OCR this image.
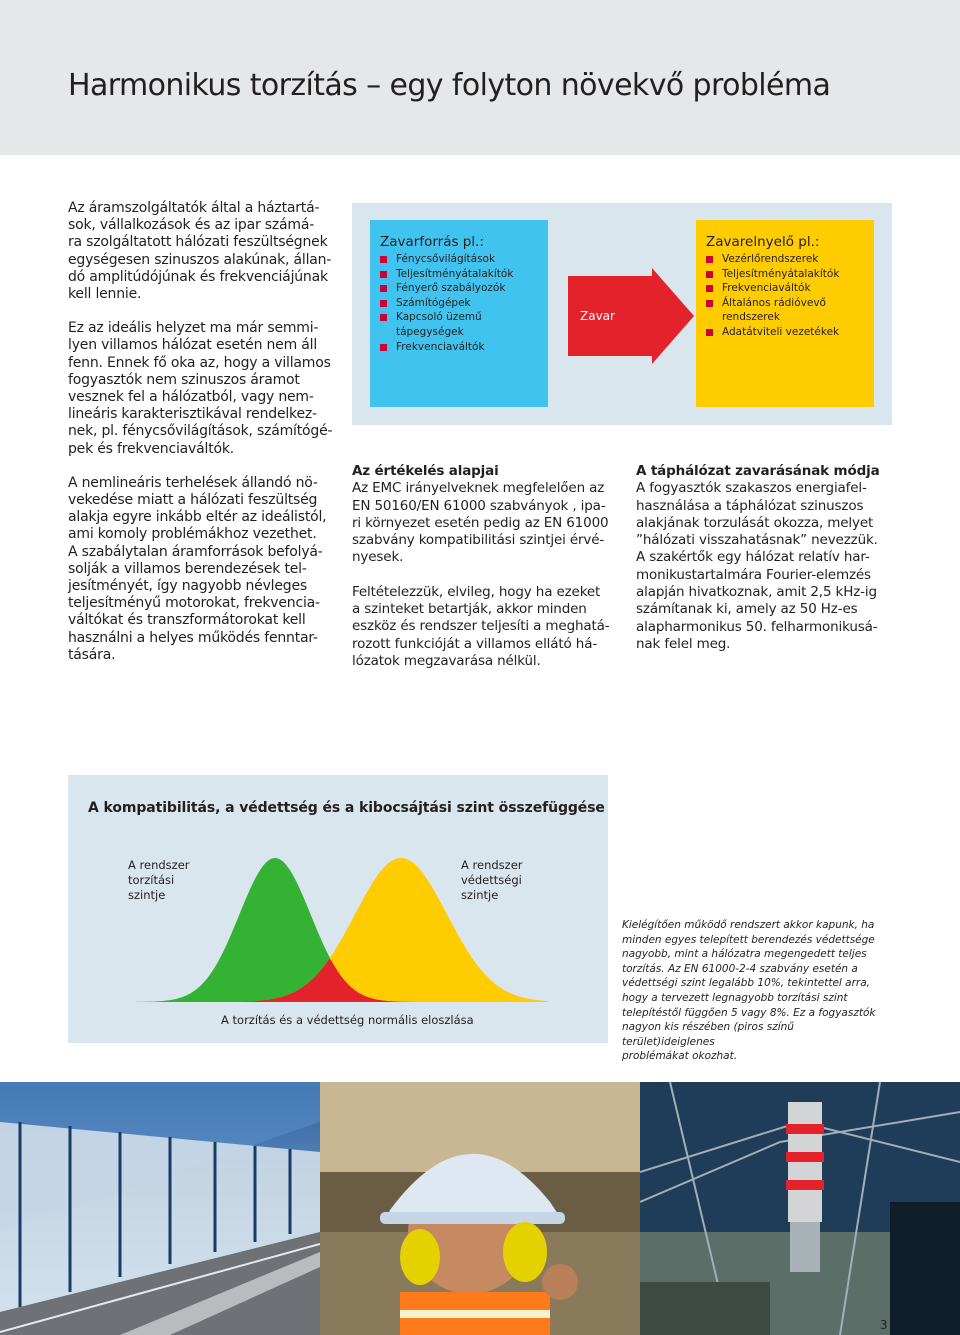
Harmonikus torzítás – egy folyton növekvő probléma

Az áramszolgáltatók által a háztartá-
sok, vállalkozások és az ipar számá-
ra szolgáltatott hálózati feszültségnek
egységesen szinuszos alakúnak, állan-
dó amplitúdójúnak és frekvenciájúnak
kell lennie.

Ez az ideális helyzet ma már semmi-
lyen villamos hálózat esetén nem áll
fenn. Ennek fő oka az, hogy a villamos
fogyasztók nem szinuszos áramot
vesznek fel a hálózatból, vagy nem-
lineáris karakterisztikával rendelkez-
nek, pl. fénycsővilágítások, számítógé-
pek és frekvenciaváltók.

A nemlineáris terhelések állandó nö-
vekedése miatt a hálózati feszültség
alakja egyre inkább eltér az ideálistól,
ami komoly problémákhoz vezethet.
A szabálytalan áramforrások befolyá-
solják a villamos berendezések tel-
jesítményét, így nagyobb névleges
teljesítményű motorokat, frekvencia-
váltókat és transzformátorokat kell
használni a helyes működés fenntar-
tására.

Zavarforrás pl.:
Fénycsővilágítások
Teljesítményátalakítók
Fényerő szabályozók
Számítógépek
Kapcsoló üzemű tápegységek
Frekvenciaváltók
Zavar
Zavarelnyelő pl.:
Vezérlőrendszerek
Teljesítményátalakítók
Frekvenciaváltók
Általános rádióvevő rendszerek
Adatátviteli vezetékek
Az értékelés alapjai

Az EMC irányelveknek megfelelően az
EN 50160/EN 61000 szabványok , ipa-
ri környezet esetén pedig az EN 61000
szabvány kompatibilitási szintjei érvé-
nyesek.

Feltételezzük, elvileg, hogy ha ezeket
a szinteket betartják, akkor minden
eszköz és rendszer teljesíti a meghatá-
rozott funkcióját a villamos ellátó há-
lózatok megzavarása nélkül.

A táphálózat zavarásának módja

A fogyasztók szakaszos energiafel-
használása a táphálózat szinuszos
alakjának torzulását okozza, melyet
”hálózati visszahatásnak” nevezzük.
A szakértők egy hálózat relatív har-
monikustartalmára Fourier-elemzés
alapján hivatkoznak, amit 2,5 kHz-ig
számítanak ki, amely az 50 Hz-es
alapharmonikus 50. felharmonikusá-
nak felel meg.

A kompatibilitás, a védettség és a kibocsájtási szint összefüggése
A rendszer
torzítási
szintje
A rendszer
védettségi
szintje
A torzítás és a védettség normális eloszlása
Kielégítően működő rendszert akkor kapunk, ha
minden egyes telepített berendezés védettsége
nagyobb, mint a hálózatra megengedett teljes
torzítás. Az EN 61000-2-4 szabvány esetén a
védettségi szint legalább 10%, tekintettel arra,
hogy a tervezett legnagyobb torzítási szint
telepítéstől függően 5 vagy 8%. Ez a fogyasztók
nagyon kis részében (piros színű terület)ideiglenes
problémákat okozhat.
3
